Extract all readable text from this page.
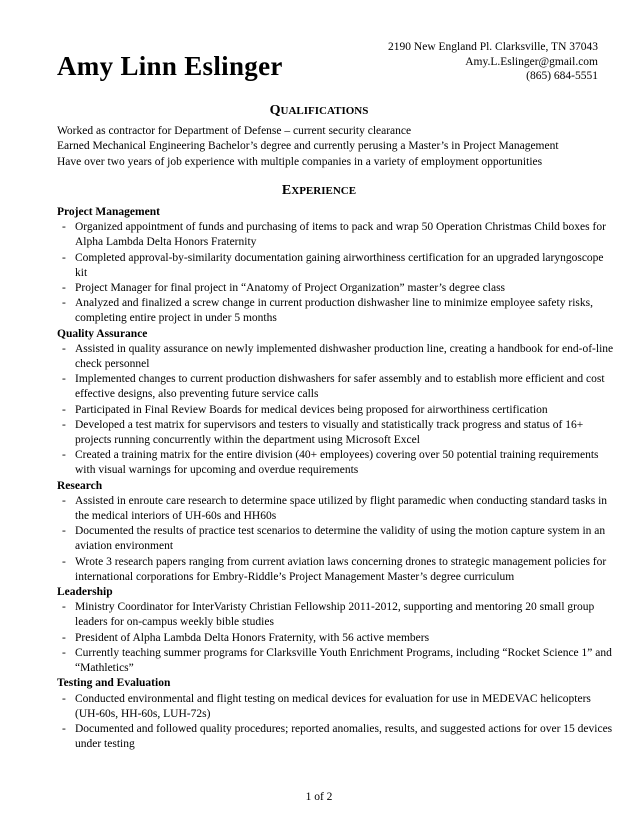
Amy Linn Eslinger
2190 New England Pl. Clarksville, TN 37043
Amy.L.Eslinger@gmail.com
(865) 684-5551
QUALIFICATIONS
Worked as contractor for Department of Defense – current security clearance
Earned Mechanical Engineering Bachelor’s degree and currently perusing a Master’s in Project Management
Have over two years of job experience with multiple companies in a variety of employment opportunities
EXPERIENCE
Project Management
- Organized appointment of funds and purchasing of items to pack and wrap 50 Operation Christmas Child boxes for Alpha Lambda Delta Honors Fraternity
- Completed approval-by-similarity documentation gaining airworthiness certification for an upgraded laryngoscope kit
- Project Manager for final project in “Anatomy of Project Organization” master’s degree class
- Analyzed and finalized a screw change in current production dishwasher line to minimize employee safety risks, completing entire project in under 5 months
Quality Assurance
- Assisted in quality assurance on newly implemented dishwasher production line, creating a handbook for end-of-line check personnel
- Implemented changes to current production dishwashers for safer assembly and to establish more efficient and cost effective designs, also preventing future service calls
- Participated in Final Review Boards for medical devices being proposed for airworthiness certification
- Developed a test matrix for supervisors and testers to visually and statistically track progress and status of 16+ projects running concurrently within the department using Microsoft Excel
- Created a training matrix for the entire division (40+ employees) covering over 50 potential training requirements with visual warnings for upcoming and overdue requirements
Research
- Assisted in enroute care research to determine space utilized by flight paramedic when conducting standard tasks in the medical interiors of UH-60s and HH60s
- Documented the results of practice test scenarios to determine the validity of using the motion capture system in an aviation environment
- Wrote 3 research papers ranging from current aviation laws concerning drones to strategic management policies for international corporations for Embry-Riddle’s Project Management Master’s degree curriculum
Leadership
- Ministry Coordinator for InterVaristy Christian Fellowship 2011-2012, supporting and mentoring 20 small group leaders for on-campus weekly bible studies
- President of Alpha Lambda Delta Honors Fraternity, with 56 active members
- Currently teaching summer programs for Clarksville Youth Enrichment Programs, including “Rocket Science 1” and “Mathletics”
Testing and Evaluation
- Conducted environmental and flight testing on medical devices for evaluation for use in MEDEVAC helicopters (UH-60s, HH-60s, LUH-72s)
- Documented and followed quality procedures; reported anomalies, results, and suggested actions for over 15 devices under testing
1 of 2
